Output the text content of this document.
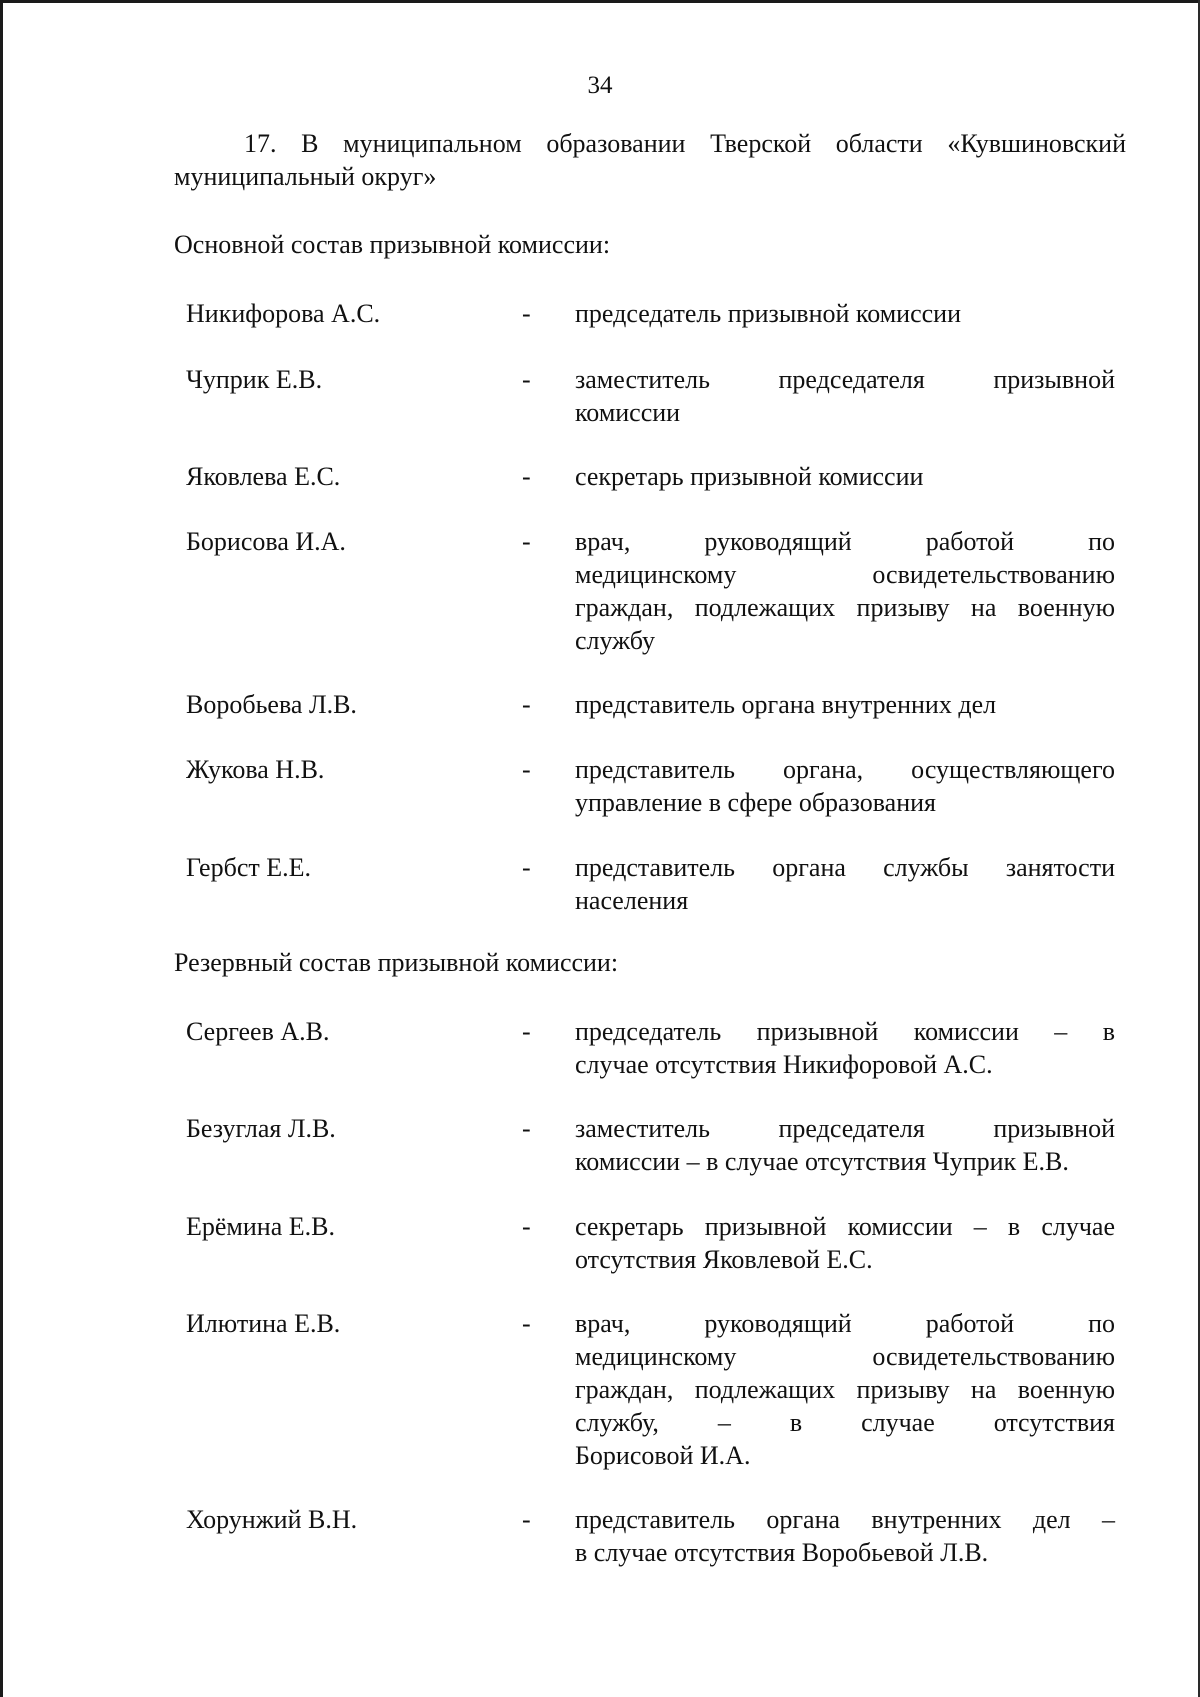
34
17. В муниципальном образовании Тверской области «Кувшиновский муниципальный округ»
Основной состав призывной комиссии:
Никифорова А.С.	- председатель призывной комиссии
Чуприк Е.В.	- заместитель председателя призывной
комиссии
Яковлева Е.С.	- секретарь призывной комиссии
Борисова И.А.	- врач, руководящий работой по
медицинскому освидетельствованию
граждан, подлежащих призыву на военную
службу
Воробьева Л.В.	- представитель органа внутренних дел
Жукова Н.В.	- представитель органа, осуществляющего
управление в сфере образования
Гербст Е.Е.	- представитель органа службы занятости
населения
Резервный состав призывной комиссии:
Сергеев А.В.	- председатель призывной комиссии – в
случае отсутствия Никифоровой А.С.
Безуглая Л.В.	- заместитель председателя призывной
комиссии – в случае отсутствия Чуприк Е.В.
Ерёмина Е.В.	- секретарь призывной комиссии – в случае
отсутствия Яковлевой Е.С.
Илютина Е.В.	- врач, руководящий работой по
медицинскому освидетельствованию
граждан, подлежащих призыву на военную
службу, – в случае отсутствия
Борисовой И.А.
Хорунжий В.Н.	- представитель органа внутренних дел –
в случае отсутствия Воробьевой Л.В.
